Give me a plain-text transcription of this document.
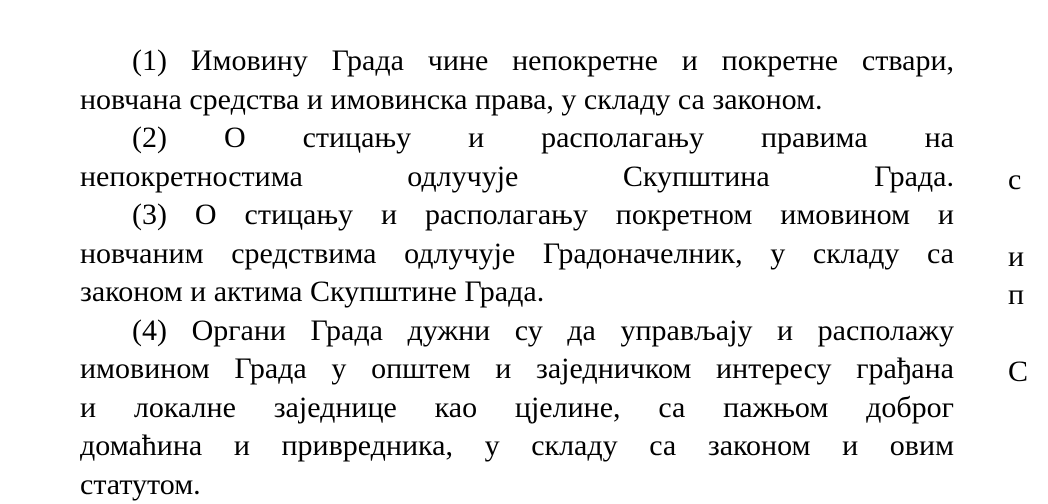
(1) Имовину Града чине непокретне и покретне ствари,
новчана средства и имовинска права, у складу са законом.
(2) О стицању и располагању правима на
непокретностима одлучује Скупштина Града.
(3) О стицању и располагању покретном имовином и
новчаним средствима одлучује Градоначелник, у складу са
законом и актима Скупштине Града.
(4) Органи Града дужни су да управљају и располажу
имовином Града у општем и заједничком интересу грађана
и локалне заједнице као цјелине, са пажњом доброг
домаћина и привредника, у складу са законом и овим
статутом.
с
и
п
С
